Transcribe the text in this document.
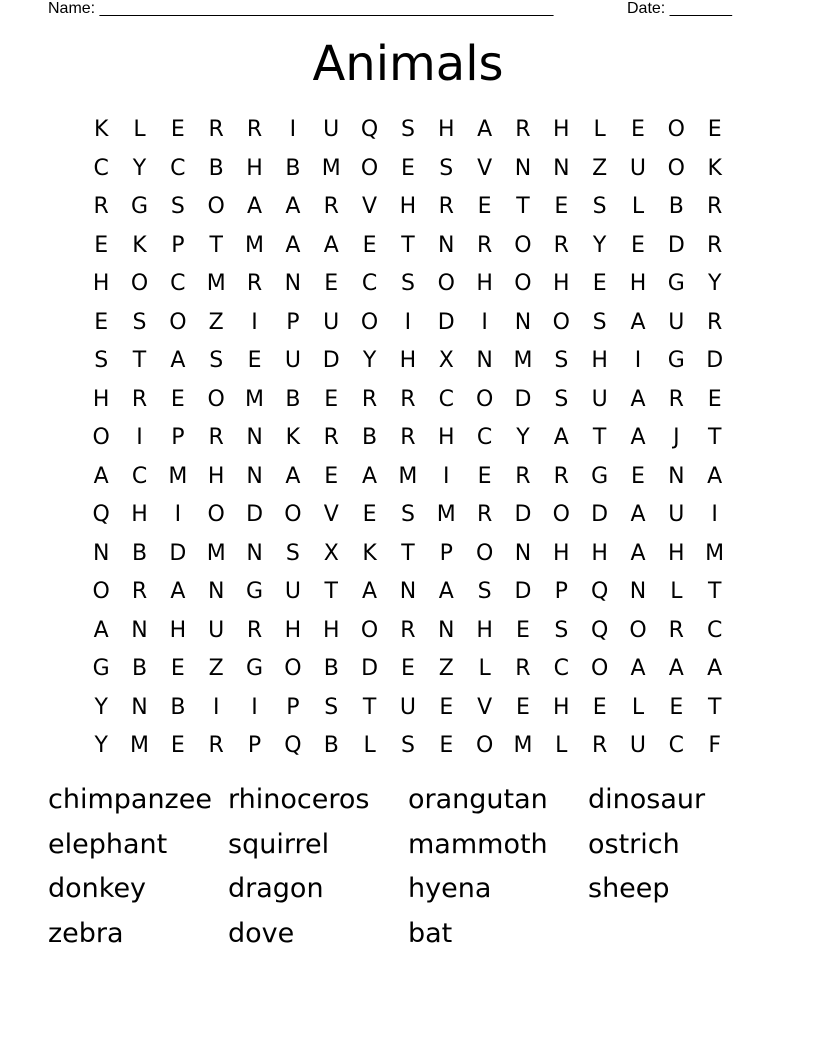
Name: ___________________________________________________	Date: _______
Animals
K	L	E	R	R	I	U Q	S	H	A	R	H	L	E	O	E
C	Y	C	B	H	B M O	E	S	V	N N	Z	U O	K
R	G	S	O	A	A	R	V	H	R	E	T	E	S	L	B	R
E	K	P	T	M A	A	E	T	N	R	O	R	Y	E	D	R
H O	C M R	N	E	C	S	O H O H	E	H G	Y
E	S	O	Z	I	P	U O	I	D	I	N O	S	A	U	R
S	T	A	S	E	U D	Y	H	X	N M S	H	I	G D
H	R	E	O M B	E	R	R	C O D	S	U	A	R	E
O	I	P	R	N	K	R	B	R	H	C	Y	A	T	A	J	T
A	C M H N	A	E	A M	I	E	R	R	G	E	N	A
Q H	I	O D O	V	E	S M R	D O D	A	U	I
N	B	D M N	S	X	K	T	P	O N H H	A	H M
O	R	A	N G U	T	A	N	A	S	D	P	Q N	L	T
A	N H	U	R	H H O	R	N H	E	S	Q O	R	C
G	B	E	Z	G O	B	D	E	Z	L	R	C O	A	A	A
Y	N	B	I	I	P	S	T	U	E	V	E	H	E	L	E	T
Y	M E	R	P	Q	B	L	S	E	O M	L	R	U	C	F
chimpanzee rhinoceros	orangutan	dinosaur
elephant	squirrel	mammoth	ostrich
donkey	dragon	hyena	sheep
zebra	dove	bat
